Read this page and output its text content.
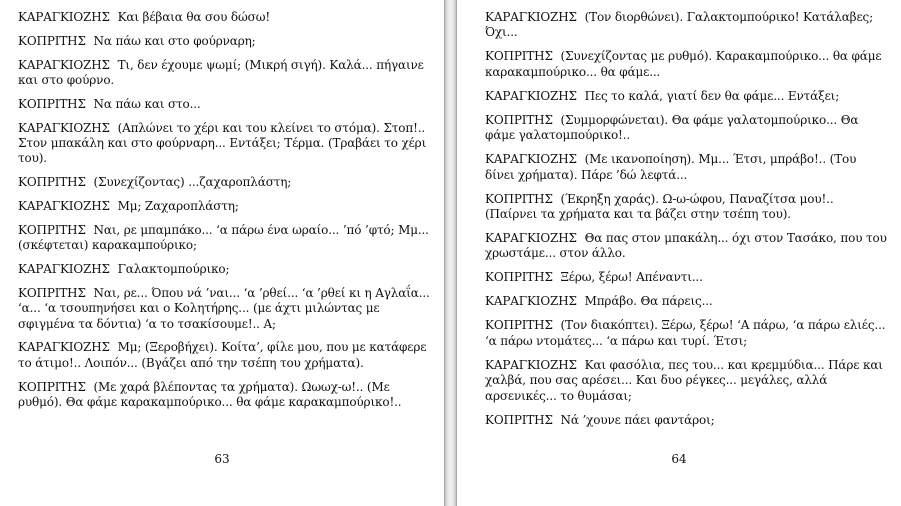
ΚΑΡΑΓΚΙΟΖΗΣ Και βέβαια θα σου δώσω!

ΚΟΠΡΙΤΗΣ Να πάω και στο φούρναρη;

ΚΑΡΑΓΚΙΟΖΗΣ Τι, δεν έχουμε ψωμί; (Μικρή σιγή). Καλά... πήγαινε και στο φούρνο.

ΚΟΠΡΙΤΗΣ Να πάω και στο...

ΚΑΡΑΓΚΙΟΖΗΣ (Απλώνει το χέρι και του κλείνει το στόμα). Στοπ!.. Στον μπακάλη και στο φούρναρη... Εντάξει; Τέρμα. (Τραβάει το χέρι του).

ΚΟΠΡΙΤΗΣ (Συνεχίζοντας) ...ζαχαροπλάστη;

ΚΑΡΑΓΚΙΟΖΗΣ Μμ; Ζαχαροπλάστη;

ΚΟΠΡΙΤΗΣ Ναι, ρε μπαμπάκο... ‘α πάρω ένα ωραίο... ’πό ’φτό; Μμ... (σκέφτεται) καρακαμπούρικο;

ΚΑΡΑΓΚΙΟΖΗΣ Γαλακτομπούρικο;

ΚΟΠΡΙΤΗΣ Ναι, ρε... Όπου νά ’ναι... ‘α ’ρθεί... ‘α ’ρθεί κι η Αγλαΐα... ‘α... ‘α τσουπηνήσει και ο Κολητήρης... (με άχτι μιλώντας με σφιγμένα τα δόντια) ‘α το τσακίσουμε!.. Α;

ΚΑΡΑΓΚΙΟΖΗΣ Μμ; (Ξεροβήχει). Κοίτα’, φίλε μου, που με κατάφερε το άτιμο!.. Λοιπόν... (Βγάζει από την τσέπη του χρήματα).

ΚΟΠΡΙΤΗΣ (Με χαρά βλέποντας τα χρήματα). Ωωωχ-ω!.. (Με ρυθμό). Θα φάμε καρακαμπούρικο... θα φάμε καρακαμπούρικο!..

63

ΚΑΡΑΓΚΙΟΖΗΣ (Τον διορθώνει). Γαλακτομπούρικο! Κατάλαβες; Όχι...

ΚΟΠΡΙΤΗΣ (Συνεχίζοντας με ρυθμό). Καρακαμπούρικο... θα φάμε καρακαμπούρικο... θα φάμε...

ΚΑΡΑΓΚΙΟΖΗΣ Πες το καλά, γιατί δεν θα φάμε... Εντάξει;

ΚΟΠΡΙΤΗΣ (Συμμορφώνεται). Θα φάμε γαλατομπούρικο... Θα φάμε γαλατομπούρικο!..

ΚΑΡΑΓΚΙΟΖΗΣ (Με ικανοποίηση). Μμ... Έτσι, μπράβο!.. (Του δίνει χρήματα). Πάρε ’δώ λεφτά...

ΚΟΠΡΙΤΗΣ (Έκρηξη χαράς). Ω-ω-ώφου, Παναζίτσα μου!.. (Παίρνει τα χρήματα και τα βάζει στην τσέπη του).

ΚΑΡΑΓΚΙΟΖΗΣ Θα πας στον μπακάλη... όχι στον Τασάκο, που του χρωστάμε... στον άλλο.

ΚΟΠΡΙΤΗΣ Ξέρω, ξέρω! Απέναντι...

ΚΑΡΑΓΚΙΟΖΗΣ Μπράβο. Θα πάρεις...

ΚΟΠΡΙΤΗΣ (Τον διακόπτει). Ξέρω, ξέρω! ‘Α πάρω, ‘α πάρω ελιές... ‘α πάρω ντομάτες... ‘α πάρω και τυρί. Έτσι;

ΚΑΡΑΓΚΙΟΖΗΣ Και φασόλια, πες του... και κρεμμύδια... Πάρε και χαλβά, που σας αρέσει... Και δυο ρέγκες... μεγάλες, αλλά αρσενικές... το θυμάσαι;

ΚΟΠΡΙΤΗΣ Νά ’χουνε πάει φαντάροι;

64
